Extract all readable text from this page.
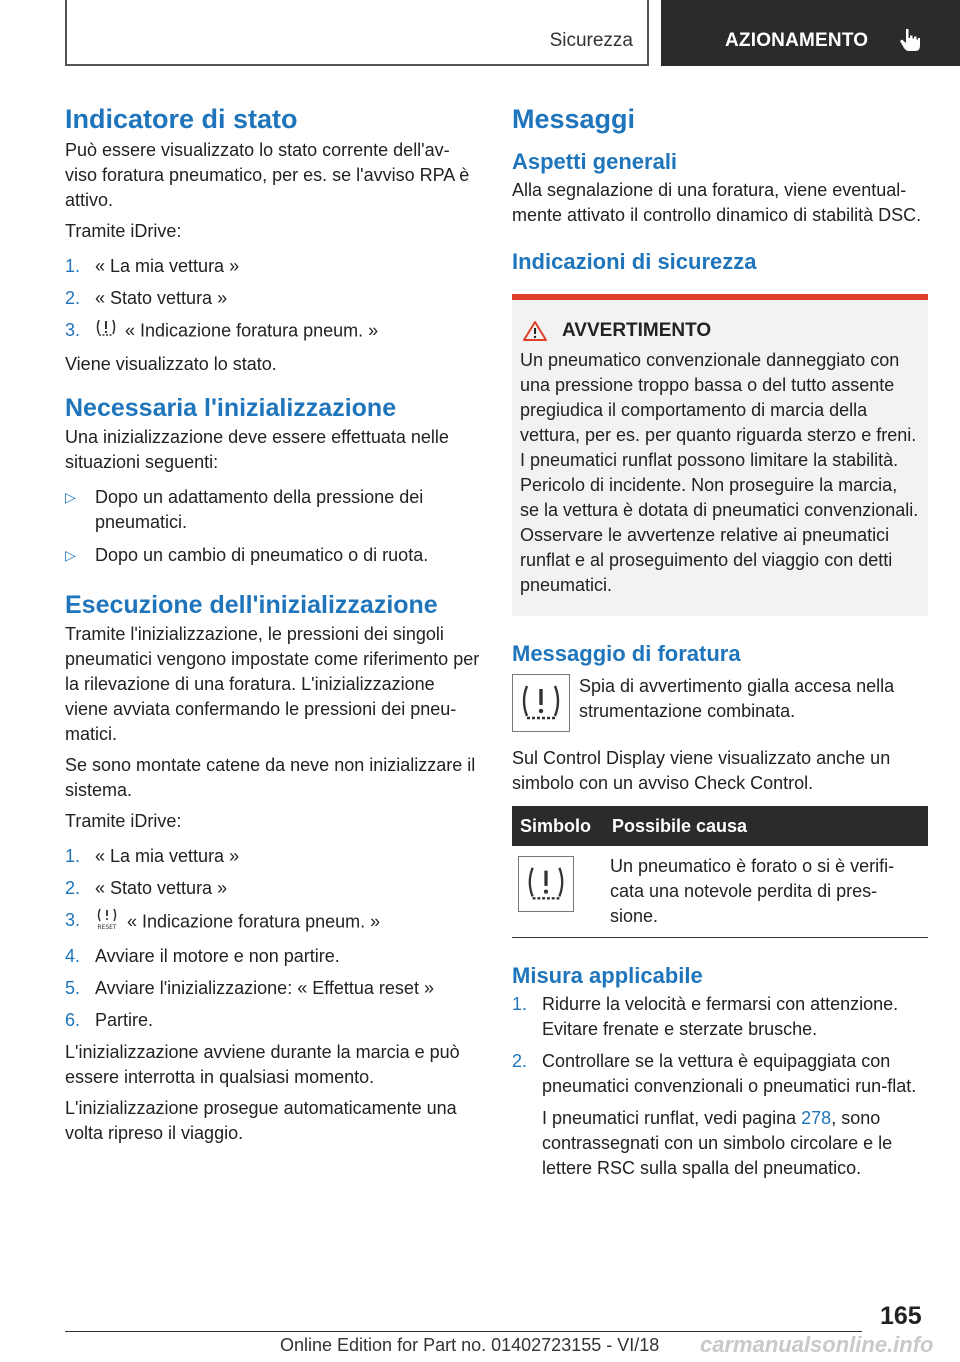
Sicurezza	AZIONAMENTO
Indicatore di stato

Può essere visualizzato lo stato corrente dell'av-viso foratura pneumatico, per es. se l'avviso RPA è attivo.

Tramite iDrive:

1. « La mia vettura »
2. « Stato vettura »
3. « Indicazione foratura pneum. »

Viene visualizzato lo stato.

Necessaria l'inizializzazione

Una inizializzazione deve essere effettuata nelle situazioni seguenti:

▷ Dopo un adattamento della pressione dei pneumatici.
▷ Dopo un cambio di pneumatico o di ruota.
Esecuzione dell'inizializzazione

Tramite l'inizializzazione, le pressioni dei singoli pneumatici vengono impostate come riferimento per la rilevazione di una foratura. L'inizializzazione viene avviata confermando le pressioni dei pneu-matici.

Se sono montate catene da neve non inizializzare il sistema.

Tramite iDrive:

1. « La mia vettura »
2. « Stato vettura »
3.	RESET « Indicazione foratura pneum. »
4. Avviare il motore e non partire.
5. Avviare l'inizializzazione: « Effettua reset »
6. Partire.

L'inizializzazione avviene durante la marcia e può essere interrotta in qualsiasi momento.

L'inizializzazione prosegue automaticamente una volta ripreso il viaggio.

Messaggi
Aspetti generali

Alla segnalazione di una foratura, viene eventual-mente attivato il controllo dinamico di stabilità DSC.

Indicazioni di sicurezza
AVVERTIMENTO

Un pneumatico convenzionale danneggiato con una pressione troppo bassa o del tutto assente pregiudica il comportamento di marcia della vettura, per es. per quanto riguarda sterzo e freni. I pneumatici runflat possono limitare la stabilità. Pericolo di incidente. Non proseguire la marcia, se la vettura è dotata di pneumatici convenzionali. Osservare le avvertenze relative ai pneumatici runflat e al proseguimento del viaggio con detti pneumatici.

Messaggio di foratura

Spia di avvertimento gialla accesa nella strumentazione combinata.

Sul Control Display viene visualizzato anche un simbolo con un avviso Check Control.

Simbolo	Possibile causa

	Un pneumatico è forato o si è verifi-cata una notevole perdita di pres-sione.
Misura applicabile
1. Ridurre la velocità e fermarsi con attenzione. Evitare frenate e sterzate brusche.
2. Controllare se la vettura è equipaggiata con pneumatici convenzionali o pneumatici run-flat.

I pneumatici runflat, vedi pagina 278, sono contrassegnati con un simbolo circolare e le lettere RSC sulla spalla del pneumatico.

165
Online Edition for Part no. 01402723155 - VI/18 carmanualsonline.info
